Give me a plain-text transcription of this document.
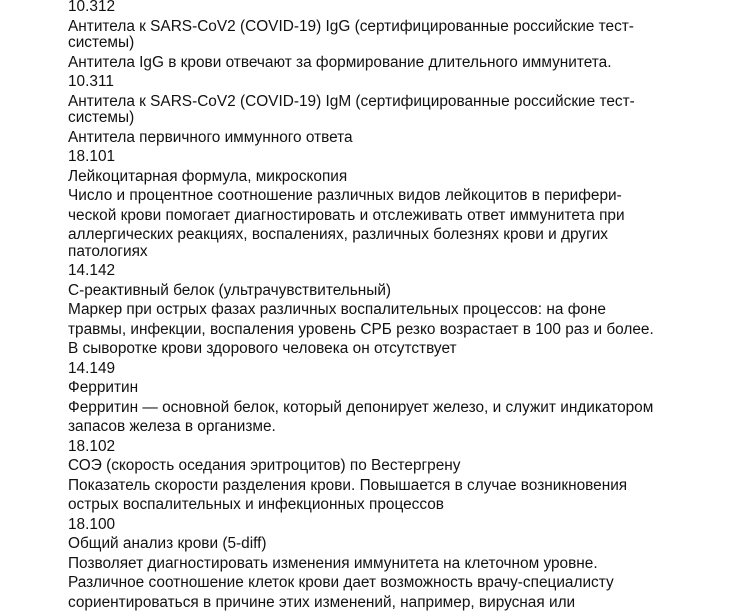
10.312
Антитела к SARS-CoV2 (COVID-19) IgG (сертифицированные российские тест-
системы)
Антитела IgG в крови отвечают за формирование длительного иммунитета.
10.311
Антитела к SARS-CoV2 (COVID-19) IgM (сертифицированные российские тест-
системы)
Антитела первичного иммунного ответа
18.101
Лейкоцитарная формула, микроскопия
Число и процентное соотношение различных видов лейкоцитов в перифери-
ческой крови помогает диагностировать и отслеживать ответ иммунитета при
аллергических реакциях, воспалениях, различных болезнях крови и других
патологиях
14.142
С-реактивный белок (ультрачувствительный)
Маркер при острых фазах различных воспалительных процессов: на фоне
травмы, инфекции, воспаления уровень СРБ резко возрастает в 100 раз и более.
В сыворотке крови здорового человека он отсутствует
14.149
Ферритин
Ферритин — основной белок, который депонирует железо, и служит индикатором
запасов железа в организме.
18.102
СОЭ (скорость оседания эритроцитов) по Вестергрену
Показатель скорости разделения крови. Повышается в случае возникновения
острых воспалительных и инфекционных процессов
18.100
Общий анализ крови (5-diff)
Позволяет диагностировать изменения иммунитета на клеточном уровне.
Различное соотношение клеток крови дает возможность врачу-специалисту
сориентироваться в причине этих изменений, например, вирусная или
